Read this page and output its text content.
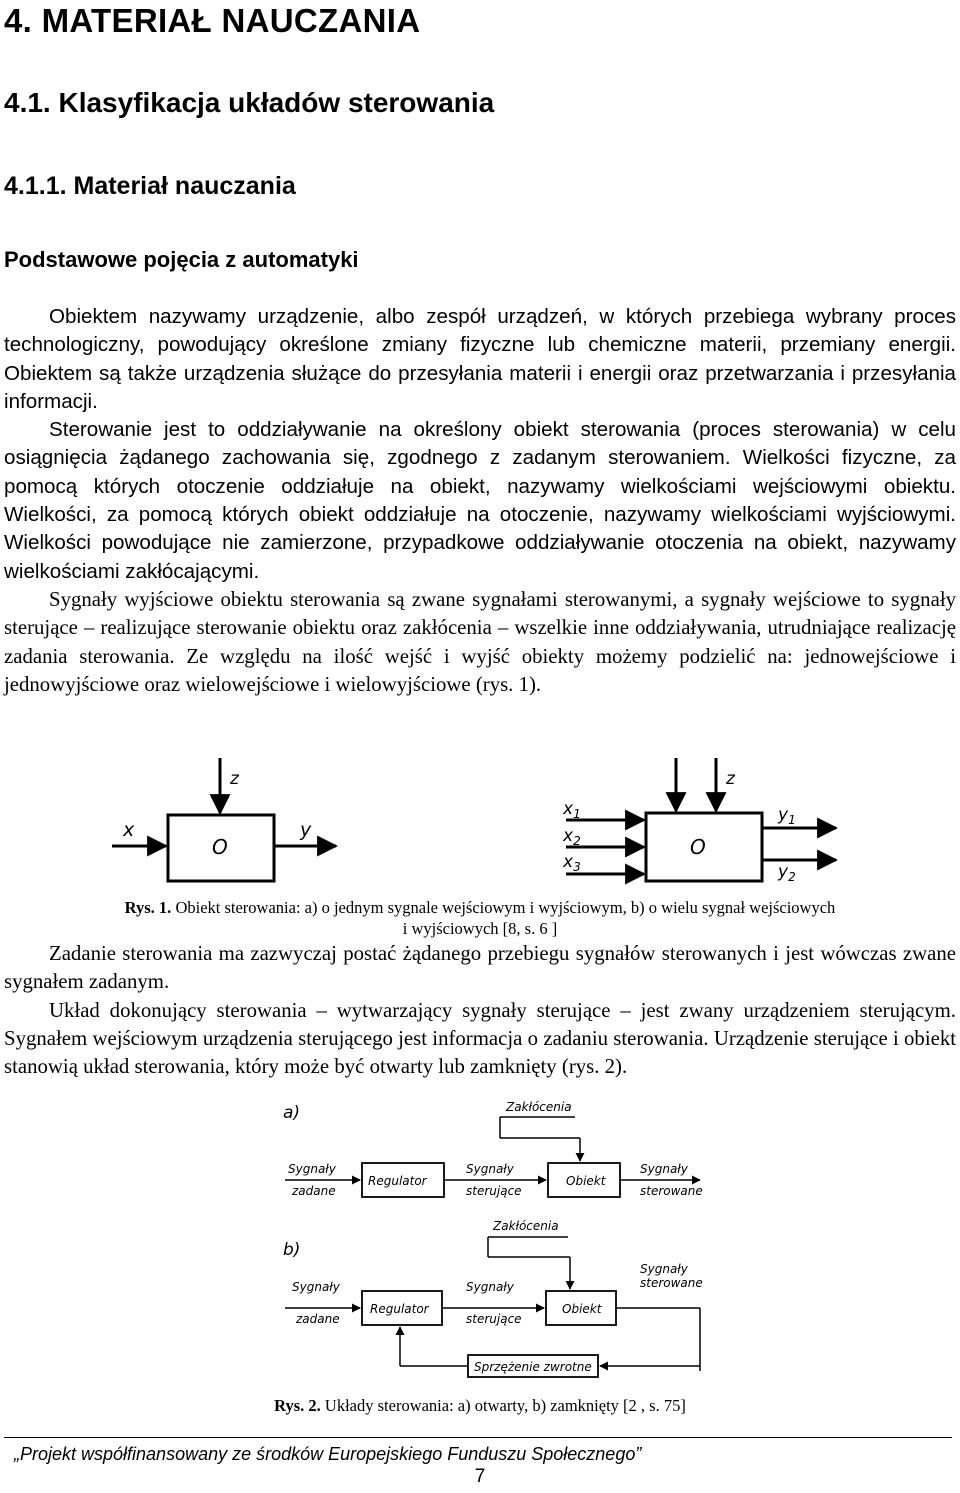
4. MATERIAŁ NAUCZANIA
4.1. Klasyfikacja układów sterowania
4.1.1. Materiał nauczania
Podstawowe pojęcia z automatyki

Obiektem nazywamy urządzenie, albo zespół urządzeń, w których przebiega wybrany proces technologiczny, powodujący określone zmiany fizyczne lub chemiczne materii, przemiany energii. Obiektem są także urządzenia służące do przesyłania materii i energii oraz przetwarzania i przesyłania informacji.

Sterowanie jest to oddziaływanie na określony obiekt sterowania (proces sterowania) w celu osiągnięcia żądanego zachowania się, zgodnego z zadanym sterowaniem. Wielkości fizyczne, za pomocą których otoczenie oddziałuje na obiekt, nazywamy wielkościami wejściowymi obiektu. Wielkości, za pomocą których obiekt oddziałuje na otoczenie, nazywamy wielkościami wyjściowymi. Wielkości powodujące nie zamierzone, przypadkowe oddziaływanie otoczenia na obiekt, nazywamy wielkościami zakłócającymi.

Sygnały wyjściowe obiektu sterowania są zwane sygnałami sterowanymi, a sygnały wejściowe to sygnały sterujące – realizujące sterowanie obiektu oraz zakłócenia – wszelkie inne oddziaływania, utrudniające realizację zadania sterowania. Ze względu na ilość wejść i wyjść obiekty możemy podzielić na: jednowejściowe i jednowyjściowe oraz wielowejściowe i wielowyjściowe (rys. 1).

z
x	y
O
z
$x_1$
$x_2$
$x_3$
$y_1$
$y_2$
O
Rys. 1. Obiekt sterowania: a) o jednym sygnale wejściowym i wyjściowym, b) o wielu sygnał wejściowych
i wyjściowych [8, s. 6 ]

Zadanie sterowania ma zazwyczaj postać żądanego przebiegu sygnałów sterowanych i jest wówczas zwane sygnałem zadanym.

Układ dokonujący sterowania – wytwarzający sygnały sterujące – jest zwany urządzeniem sterującym. Sygnałem wejściowym urządzenia sterującego jest informacja o zadaniu sterowania. Urządzenie sterujące i obiekt stanowią układ sterowania, który może być otwarty lub zamknięty (rys. 2).

a)	Zakłócenia
Regulator	Obiekt
Sygnały
zadane
Sygnały
sterujące
Sygnały
sterowane
b)
Zakłócenia
Regulator	Obiekt
Sprzężenie zwrotne
Sygnały
zadane
Sygnały
sterujące
Sygnały
sterowane
Rys. 2. Układy sterowania: a) otwarty, b) zamknięty [2 , s. 75]
„Projekt współfinansowany ze środków Europejskiego Funduszu Społecznego”
7
